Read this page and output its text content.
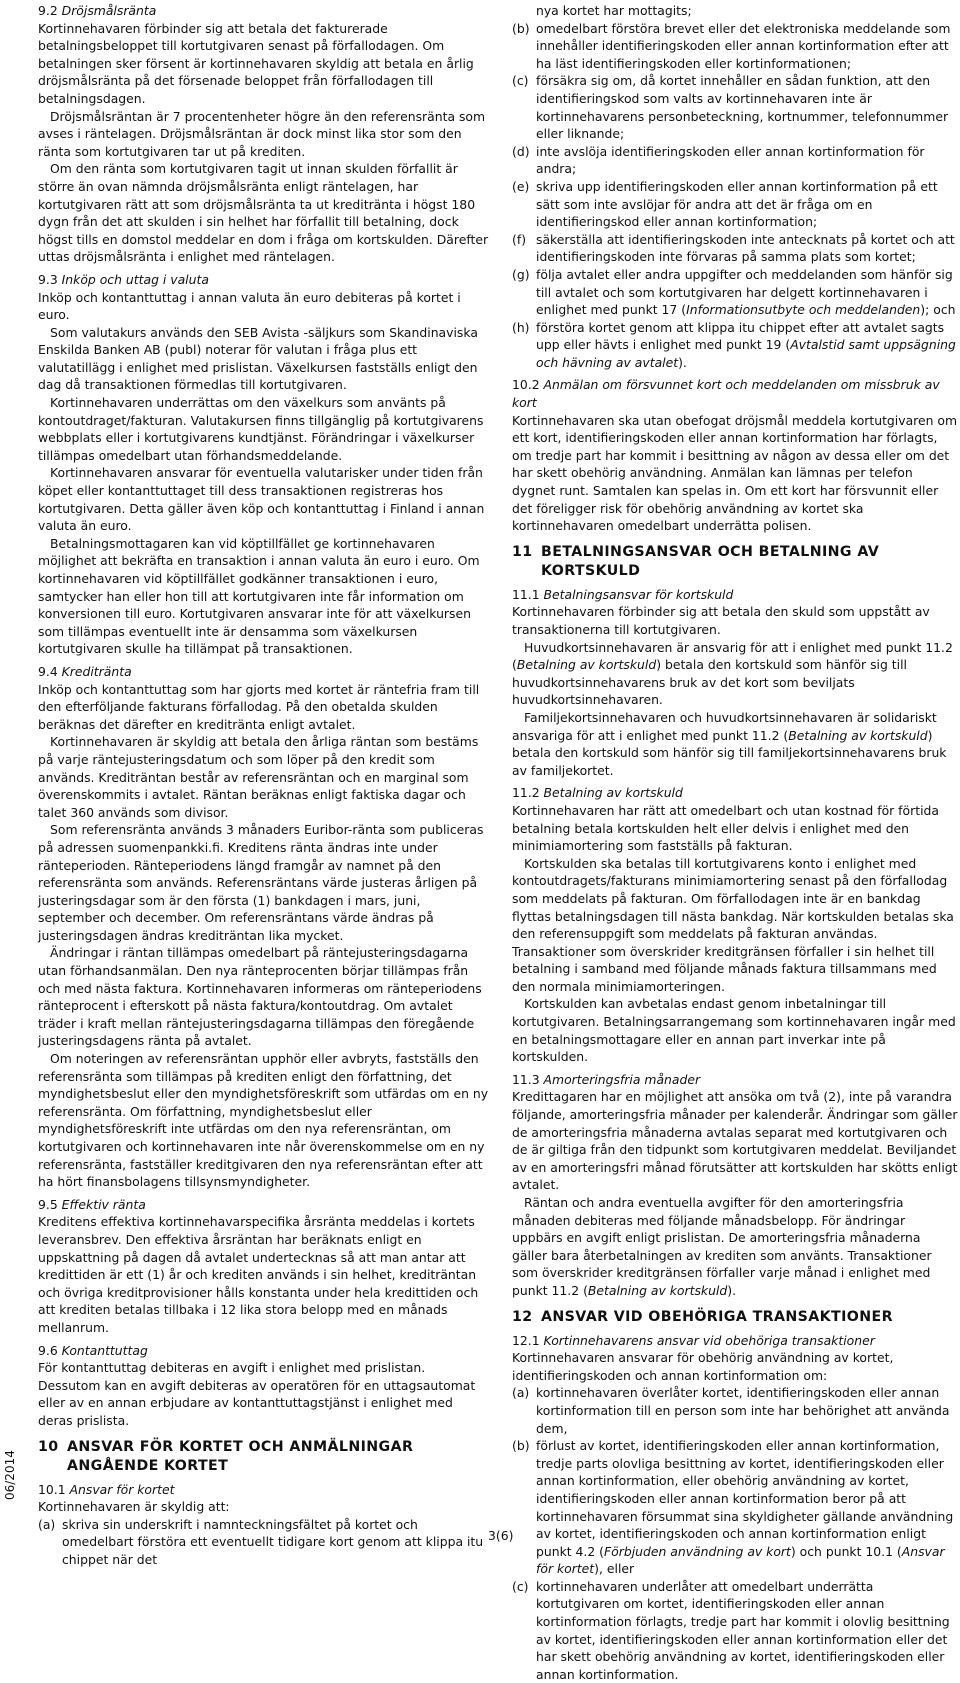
9.2 Dröjsmålsränta

Kortinnehavaren förbinder sig att betala det fakturerade betalningsbeloppet till kortutgivaren senast på förfallodagen. Om betalningen sker försent är kortinnehavaren skyldig att betala en årlig dröjsmålsränta på det försenade beloppet från förfallodagen till betalningsdagen.

Dröjsmålsräntan är 7 procentenheter högre än den referensränta som avses i räntelagen. Dröjsmålsräntan är dock minst lika stor som den ränta som kortutgivaren tar ut på krediten.

Om den ränta som kortutgivaren tagit ut innan skulden förfallit är större än ovan nämnda dröjsmålsränta enligt räntelagen, har kortutgivaren rätt att som dröjsmålsränta ta ut kreditränta i högst 180 dygn från det att skulden i sin helhet har förfallit till betalning, dock högst tills en domstol meddelar en dom i fråga om kortskulden. Därefter uttas dröjsmålsränta i enlighet med räntelagen.

9.3 Inköp och uttag i valuta

Inköp och kontanttuttag i annan valuta än euro debiteras på kortet i euro.

Som valutakurs används den SEB Avista -säljkurs som Skandinaviska Enskilda Banken AB (publ) noterar för valutan i fråga plus ett valutatillägg i enlighet med prislistan. Växelkursen fastställs enligt den dag då transaktionen förmedlas till kortutgivaren.

Kortinnehavaren underrättas om den växelkurs som använts på kontoutdraget/fakturan. Valutakursen finns tillgänglig på kortutgivarens webbplats eller i kortutgivarens kundtjänst. Förändringar i växelkurser tillämpas omedelbart utan förhandsmeddelande.

Kortinnehavaren ansvarar för eventuella valutarisker under tiden från köpet eller kontanttuttaget till dess transaktionen registreras hos kortutgivaren. Detta gäller även köp och kontanttuttag i Finland i annan valuta än euro.

Betalningsmottagaren kan vid köptillfället ge kortinnehavaren möjlighet att bekräfta en transaktion i annan valuta än euro i euro. Om kortinnehavaren vid köptillfället godkänner transaktionen i euro, samtycker han eller hon till att kortutgivaren inte får information om konversionen till euro. Kortutgivaren ansvarar inte för att växelkursen som tillämpas eventuellt inte är densamma som växelkursen kortutgivaren skulle ha tillämpat på transaktionen.

9.4 Kreditränta

Inköp och kontanttuttag som har gjorts med kortet är räntefria fram till den efterföljande fakturans förfallodag. På den obetalda skulden beräknas det därefter en kreditränta enligt avtalet.

Kortinnehavaren är skyldig att betala den årliga räntan som bestäms på varje räntejusteringsdatum och som löper på den kredit som används. Krediträntan består av referensräntan och en marginal som överenskommits i avtalet. Räntan beräknas enligt faktiska dagar och talet 360 används som divisor.

Som referensränta används 3 månaders Euribor-ränta som publiceras på adressen suomenpankki.fi. Kreditens ränta ändras inte under ränteperioden. Ränteperiodens längd framgår av namnet på den referensränta som används. Referensräntans värde justeras årligen på justeringsdagar som är den första (1) bankdagen i mars, juni, september och december. Om referensräntans värde ändras på justeringsdagen ändras krediträntan lika mycket.

Ändringar i räntan tillämpas omedelbart på räntejusteringsdagarna utan förhandsanmälan. Den nya ränteprocenten börjar tillämpas från och med nästa faktura. Kortinnehavaren informeras om ränteperiodens ränteprocent i efterskott på nästa faktura/kontoutdrag. Om avtalet träder i kraft mellan räntejusteringsdagarna tillämpas den föregående justeringsdagens ränta på avtalet.

Om noteringen av referensräntan upphör eller avbryts, fastställs den referensränta som tillämpas på krediten enligt den författning, det myndighetsbeslut eller den myndighetsföreskrift som utfärdas om en ny referensränta. Om författning, myndighetsbeslut eller myndighetsföreskrift inte utfärdas om den nya referensräntan, om kortutgivaren och kortinnehavaren inte når överenskommelse om en ny referensränta, fastställer kreditgivaren den nya referensräntan efter att ha hört finansbolagens tillsynsmyndigheter.

9.5 Effektiv ränta

Kreditens effektiva kortinnehavarspecifika årsränta meddelas i kortets leveransbrev. Den effektiva årsräntan har beräknats enligt en uppskattning på dagen då avtalet undertecknas så att man antar att kredittiden är ett (1) år och krediten används i sin helhet, krediträntan och övriga kreditprovisioner hålls konstanta under hela kredittiden och att krediten betalas tillbaka i 12 lika stora belopp med en månads mellanrum.

9.6 Kontanttuttag

För kontanttuttag debiteras en avgift i enlighet med prislistan. Dessutom kan en avgift debiteras av operatören för en uttagsautomat eller av en annan erbjudare av kontanttuttagstjänst i enlighet med deras prislista.

10 ANSVAR FÖR KORTET OCH ANMÄLNINGAR ANGÅENDE KORTET

10.1 Ansvar för kortet

Kortinnehavaren är skyldig att:

(a) skriva sin underskrift i namnteckningsfältet på kortet och omedelbart förstöra ett eventuellt tidigare kort genom att klippa itu chippet när det
nya kortet har mottagits;
(b) omedelbart förstöra brevet eller det elektroniska meddelande som innehåller identifieringskoden eller annan kortinformation efter att ha läst identifieringskoden eller kortinformationen;
(c) försäkra sig om, då kortet innehåller en sådan funktion, att den identifieringskod som valts av kortinnehavaren inte är kortinnehavarens personbeteckning, kortnummer, telefonnummer eller liknande;
(d) inte avslöja identifieringskoden eller annan kortinformation för andra;
(e) skriva upp identifieringskoden eller annan kortinformation på ett sätt som inte avslöjar för andra att det är fråga om en identifieringskod eller annan kortinformation;
(f) säkerställa att identifieringskoden inte antecknats på kortet och att identifieringskoden inte förvaras på samma plats som kortet;
(g) följa avtalet eller andra uppgifter och meddelanden som hänför sig till avtalet och som kortutgivaren har delgett kortinnehavaren i enlighet med punkt 17 (Informationsutbyte och meddelanden); och
(h) förstöra kortet genom att klippa itu chippet efter att avtalet sagts upp eller hävts i enlighet med punkt 19 (Avtalstid samt uppsägning och hävning av avtalet).

10.2 Anmälan om försvunnet kort och meddelanden om missbruk av kort

Kortinnehavaren ska utan obefogat dröjsmål meddela kortutgivaren om ett kort, identifieringskoden eller annan kortinformation har förlagts, om tredje part har kommit i besittning av någon av dessa eller om det har skett obehörig användning. Anmälan kan lämnas per telefon dygnet runt. Samtalen kan spelas in. Om ett kort har försvunnit eller det föreligger risk för obehörig användning av kortet ska kortinnehavaren omedelbart underrätta polisen.

11 BETALNINGSANSVAR OCH BETALNING AV KORTSKULD

11.1 Betalningsansvar för kortskuld

Kortinnehavaren förbinder sig att betala den skuld som uppstått av transaktionerna till kortutgivaren.

Huvudkortsinnehavaren är ansvarig för att i enlighet med punkt 11.2 (Betalning av kortskuld) betala den kortskuld som hänför sig till huvudkortsinnehavarens bruk av det kort som beviljats huvudkortsinnehavaren.

Familjekortsinnehavaren och huvudkortsinnehavaren är solidariskt ansvariga för att i enlighet med punkt 11.2 (Betalning av kortskuld) betala den kortskuld som hänför sig till familjekortsinnehavarens bruk av familjekortet.

11.2 Betalning av kortskuld

Kortinnehavaren har rätt att omedelbart och utan kostnad för förtida betalning betala kortskulden helt eller delvis i enlighet med den minimiamortering som fastställs på fakturan.

Kortskulden ska betalas till kortutgivarens konto i enlighet med kontoutdragets/fakturans minimiamortering senast på den förfallodag som meddelats på fakturan. Om förfallodagen inte är en bankdag flyttas betalningsdagen till nästa bankdag. När kortskulden betalas ska den referensuppgift som meddelats på fakturan användas. Transaktioner som överskrider kreditgränsen förfaller i sin helhet till betalning i samband med följande månads faktura tillsammans med den normala minimiamorteringen.

Kortskulden kan avbetalas endast genom inbetalningar till kortutgivaren. Betalningsarrangemang som kortinnehavaren ingår med en betalningsmottagare eller en annan part inverkar inte på kortskulden.

11.3 Amorteringsfria månader

Kredittagaren har en möjlighet att ansöka om två (2), inte på varandra följande, amorteringsfria månader per kalenderår. Ändringar som gäller de amorteringsfria månaderna avtalas separat med kortutgivaren och de är giltiga från den tidpunkt som kortutgivaren meddelat. Beviljandet av en amorteringsfri månad förutsätter att kortskulden har skötts enligt avtalet.

Räntan och andra eventuella avgifter för den amorteringsfria månaden debiteras med följande månadsbelopp. För ändringar uppbärs en avgift enligt prislistan. De amorteringsfria månaderna gäller bara återbetalningen av krediten som använts. Transaktioner som överskrider kreditgränsen förfaller varje månad i enlighet med punkt 11.2 (Betalning av kortskuld).

12 ANSVAR VID OBEHÖRIGA TRANSAKTIONER

12.1 Kortinnehavarens ansvar vid obehöriga transaktioner

Kortinnehavaren ansvarar för obehörig användning av kortet, identifieringskoden och annan kortinformation om:

(a) kortinnehavaren överlåter kortet, identifieringskoden eller annan kortinformation till en person som inte har behörighet att använda dem,
(b) förlust av kortet, identifieringskoden eller annan kortinformation, tredje parts olovliga besittning av kortet, identifieringskoden eller annan kortinformation, eller obehörig användning av kortet, identifieringskoden eller annan kortinformation beror på att kortinnehavaren försummat sina skyldigheter gällande användning av kortet, identifieringskoden och annan kortinformation enligt punkt 4.2 (Förbjuden användning av kort) och punkt 10.1 (Ansvar för kortet), eller
(c) kortinnehavaren underlåter att omedelbart underrätta kortutgivaren om kortet, identifieringskoden eller annan kortinformation förlagts, tredje part har kommit i olovlig besittning av kortet, identifieringskoden eller annan kortinformation eller det har skett obehörig användning av kortet, identifieringskoden eller annan kortinformation.
06/2014
3(6)
